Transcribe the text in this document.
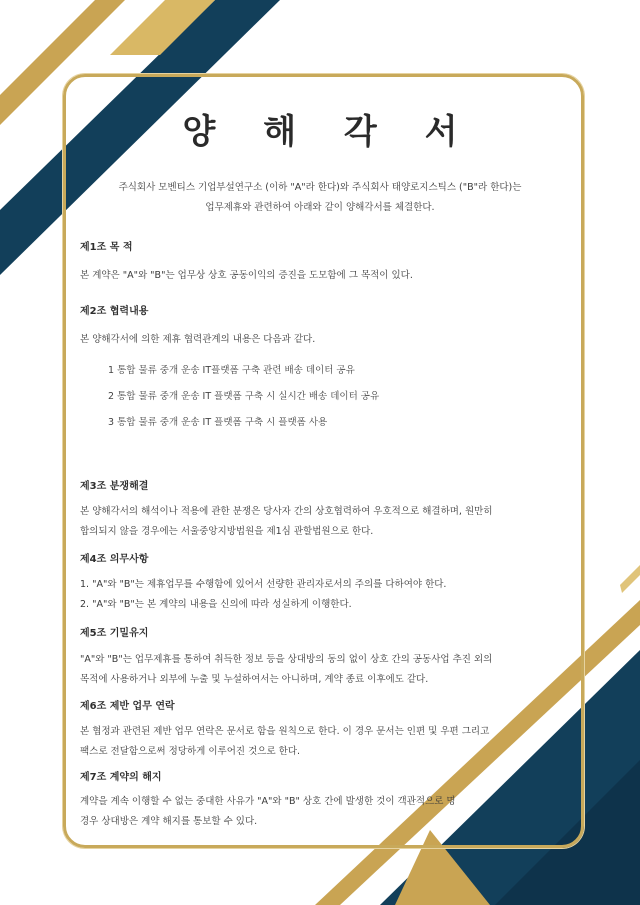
양 해 각 서
주식회사 모벤티스 기업부설연구소 (이하 "A"라 한다)와 주식회사 태양로지스틱스 ("B"라 한다)는
업무제휴와 관련하여 아래와 같이 양해각서를 체결한다.
제1조 목 적
본 계약은 "A"와 "B"는 업무상 상호 공동이익의 증진을 도모함에 그 목적이 있다.
제2조 협력내용
본 양해각서에 의한 제휴 협력관계의 내용은 다음과 같다.
1 통합 물류 중개 운송 IT플랫폼 구축 관련 배송 데이터 공유
2 통합 물류 중개 운송 IT 플랫폼 구축 시 실시간 배송 데이터 공유
3 통합 물류 중개 운송 IT 플랫폼 구축 시 플랫폼 사용
제3조 분쟁해결
본 양해각서의 해석이나 적용에 관한 분쟁은 당사자 간의 상호협력하여 우호적으로 해결하며, 원만히
합의되지 않을 경우에는 서울중앙지방법원을 제1심 관할법원으로 한다.
제4조 의무사항
1. "A"와 "B"는 제휴업무를 수행함에 있어서 선량한 관리자로서의 주의를 다하여야 한다.
2. "A"와 "B"는 본 계약의 내용을 신의에 따라 성실하게 이행한다.
제5조 기밀유지
"A"와 "B"는 업무제휴를 통하여 취득한 정보 등을 상대방의 동의 없이 상호 간의 공동사업 추진 외의
목적에 사용하거나 외부에 누출 및 누설하여서는 아니하며, 계약 종료 이후에도 같다.
제6조 제반 업무 연락
본 협정과 관련된 제반 업무 연락은 문서로 함을 원칙으로 한다. 이 경우 문서는 인편 및 우편 그리고
팩스로 전달함으로써 정당하게 이루어진 것으로 한다.
제7조 계약의 해지
계약을 계속 이행할 수 없는 중대한 사유가 "A"와 "B" 상호 간에 발생한 것이 객관적으로 명
경우 상대방은 계약 해지를 통보할 수 있다.
